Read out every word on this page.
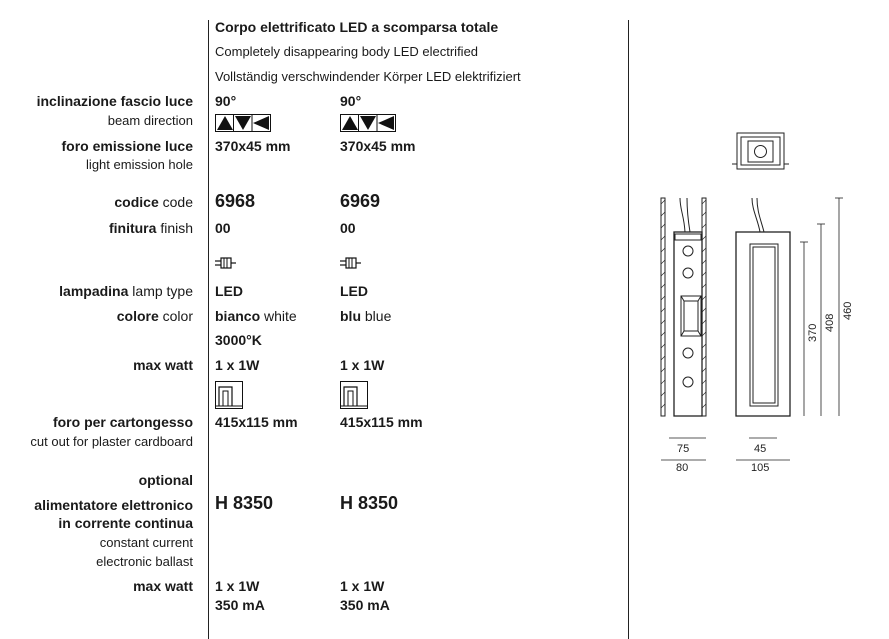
Corpo elettrificato LED a scomparsa totale
Completely disappearing body LED electrified
Vollständig verschwindender Körper LED elektrifiziert
inclinazione fascio luce
beam direction
90°	90°
foro emissione luce
light emission hole
370x45 mm	370x45 mm
codice code 6968	6969
finitura finish 00	00
lampadina lamp type LED	LED
colore color bianco white	blu blue
3000°K
max watt 1 x 1W	1 x 1W
foro per cartongesso
cut out for plaster cardboard
415x115 mm	415x115 mm
optional
alimentatore elettronico
in corrente continua
constant current
electronic ballast
H 8350	H 8350
max watt 1 x 1W	1 x 1W
350 mA	350 mA
370
408
460
75
80
45
105
